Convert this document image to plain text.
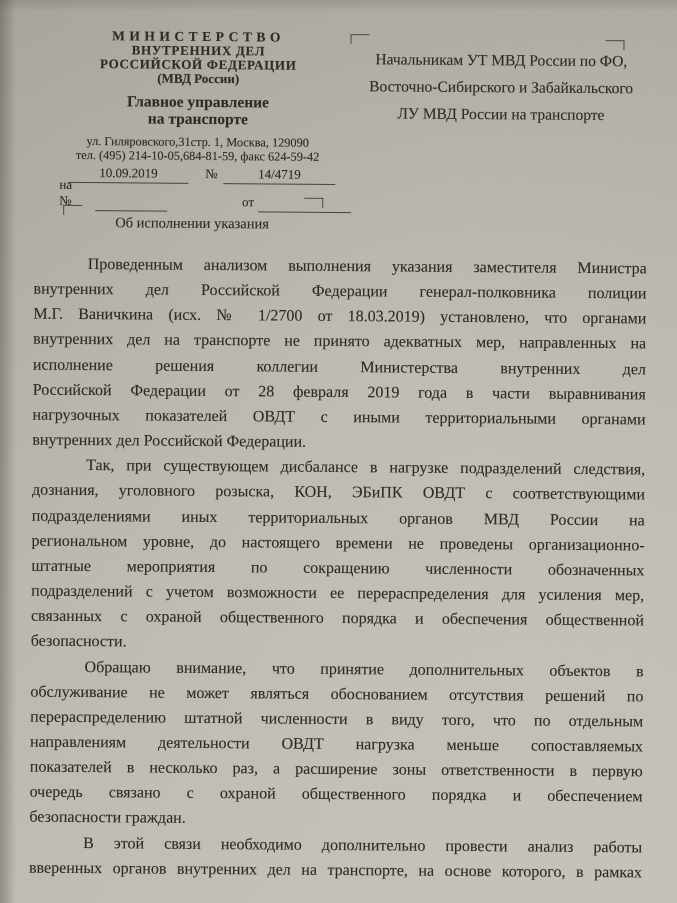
МИНИСТЕРСТВО
ВНУТРЕННИХ ДЕЛ
РОССИЙСКОЙ ФЕДЕРАЦИИ
(МВД России)
Главное управление
на транспорте
ул. Гиляровского,31стр. 1, Москва, 129090
тел. (495) 214-10-05,684-81-59, факс 624-59-42
10.09.2019	№	14/4719
на №	от
Начальникам УТ МВД России по ФО,
Восточно-Сибирского и Забайкальского
ЛУ МВД России на транспорте
Об исполнении указания
Проведенным анализом выполнения указания заместителя Министра
внутренних дел Российской Федерации генерал-полковника полиции
М.Г. Ваничкина (исх. № 1/2700 от 18.03.2019) установлено, что органами
внутренних дел на транспорте не принято адекватных мер, направленных на
исполнение решения коллегии Министерства внутренних дел
Российской Федерации от 28 февраля 2019 года в части выравнивания
нагрузочных показателей ОВДТ с иными территориальными органами
внутренних дел Российской Федерации.
Так, при существующем дисбалансе в нагрузке подразделений следствия,
дознания, уголовного розыска, КОН, ЭБиПК ОВДТ с соответствующими
подразделениями иных территориальных органов МВД России на
региональном уровне, до настоящего времени не проведены организационно-
штатные мероприятия по сокращению численности обозначенных
подразделений с учетом возможности ее перераспределения для усиления мер,
связанных с охраной общественного порядка и обеспечения общественной
безопасности.
Обращаю внимание, что принятие дополнительных объектов в
обслуживание не может являться обоснованием отсутствия решений по
перераспределению штатной численности в виду того, что по отдельным
направлениям деятельности ОВДТ нагрузка меньше сопоставляемых
показателей в несколько раз, а расширение зоны ответственности в первую
очередь связано с охраной общественного порядка и обеспечением
безопасности граждан.
В этой связи необходимо дополнительно провести анализ работы
вверенных органов внутренних дел на транспорте, на основе которого, в рамках
